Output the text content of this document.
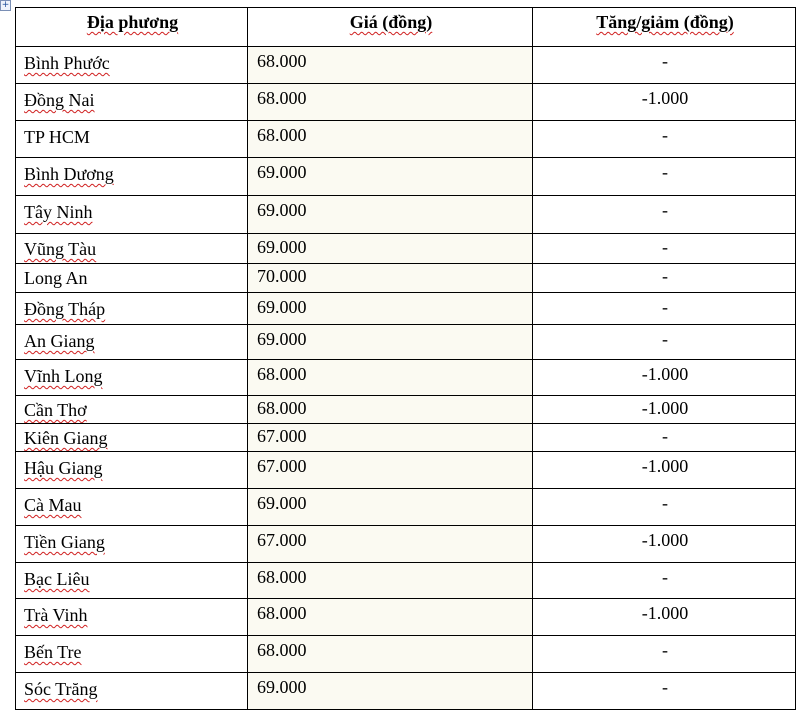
+
Địa phương	Giá (đồng)	Tăng/giảm (đồng)
Bình Phước	68.000	-
Đồng Nai	68.000	-1.000
TP HCM	68.000	-
Bình Dương	69.000	-
Tây Ninh	69.000	-
Vũng Tàu	69.000	-
Long An	70.000	-
Đồng Tháp	69.000	-
An Giang	69.000	-
Vĩnh Long	68.000	-1.000
Cần Thơ	68.000	-1.000
Kiên Giang	67.000	-
Hậu Giang	67.000	-1.000
Cà Mau	69.000	-
Tiền Giang	67.000	-1.000
Bạc Liêu	68.000	-
Trà Vinh	68.000	-1.000
Bến Tre	68.000	-
Sóc Trăng	69.000	-
